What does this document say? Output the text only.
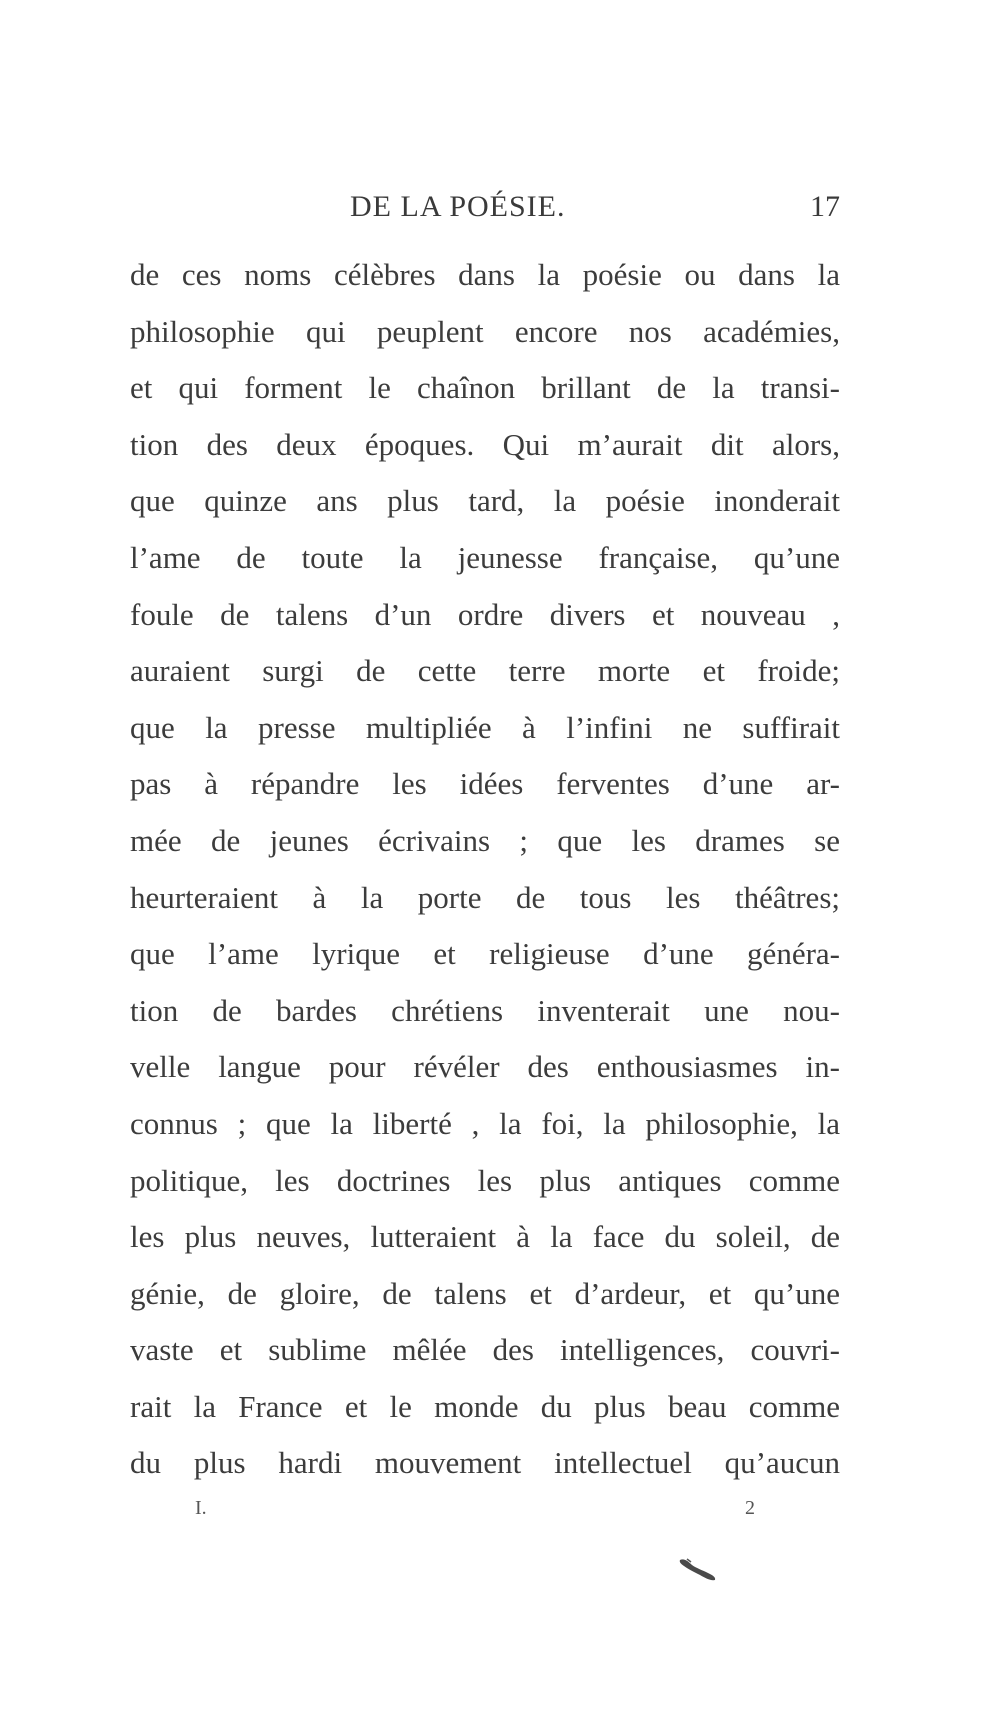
DE LA POÉSIE.	17
de ces noms célèbres dans la poésie ou dans la
philosophie qui peuplent encore nos académies,
et qui forment le chaînon brillant de la transi-
tion des deux époques. Qui m’aurait dit alors,
que quinze ans plus tard, la poésie inonderait
l’ame de toute la jeunesse française, qu’une
foule de talens d’un ordre divers et nouveau ,
auraient surgi de cette terre morte et froide;
que la presse multipliée à l’infini ne suffirait
pas à répandre les idées ferventes d’une ar-
mée de jeunes écrivains ; que les drames se
heurteraient à la porte de tous les théâtres;
que l’ame lyrique et religieuse d’une généra-
tion de bardes chrétiens inventerait une nou-
velle langue pour révéler des enthousiasmes in-
connus ; que la liberté , la foi, la philosophie, la
politique, les doctrines les plus antiques comme
les plus neuves, lutteraient à la face du soleil, de
génie, de gloire, de talens et d’ardeur, et qu’une
vaste et sublime mêlée des intelligences, couvri-
rait la France et le monde du plus beau comme
du plus hardi mouvement intellectuel qu’aucun
I.	2
